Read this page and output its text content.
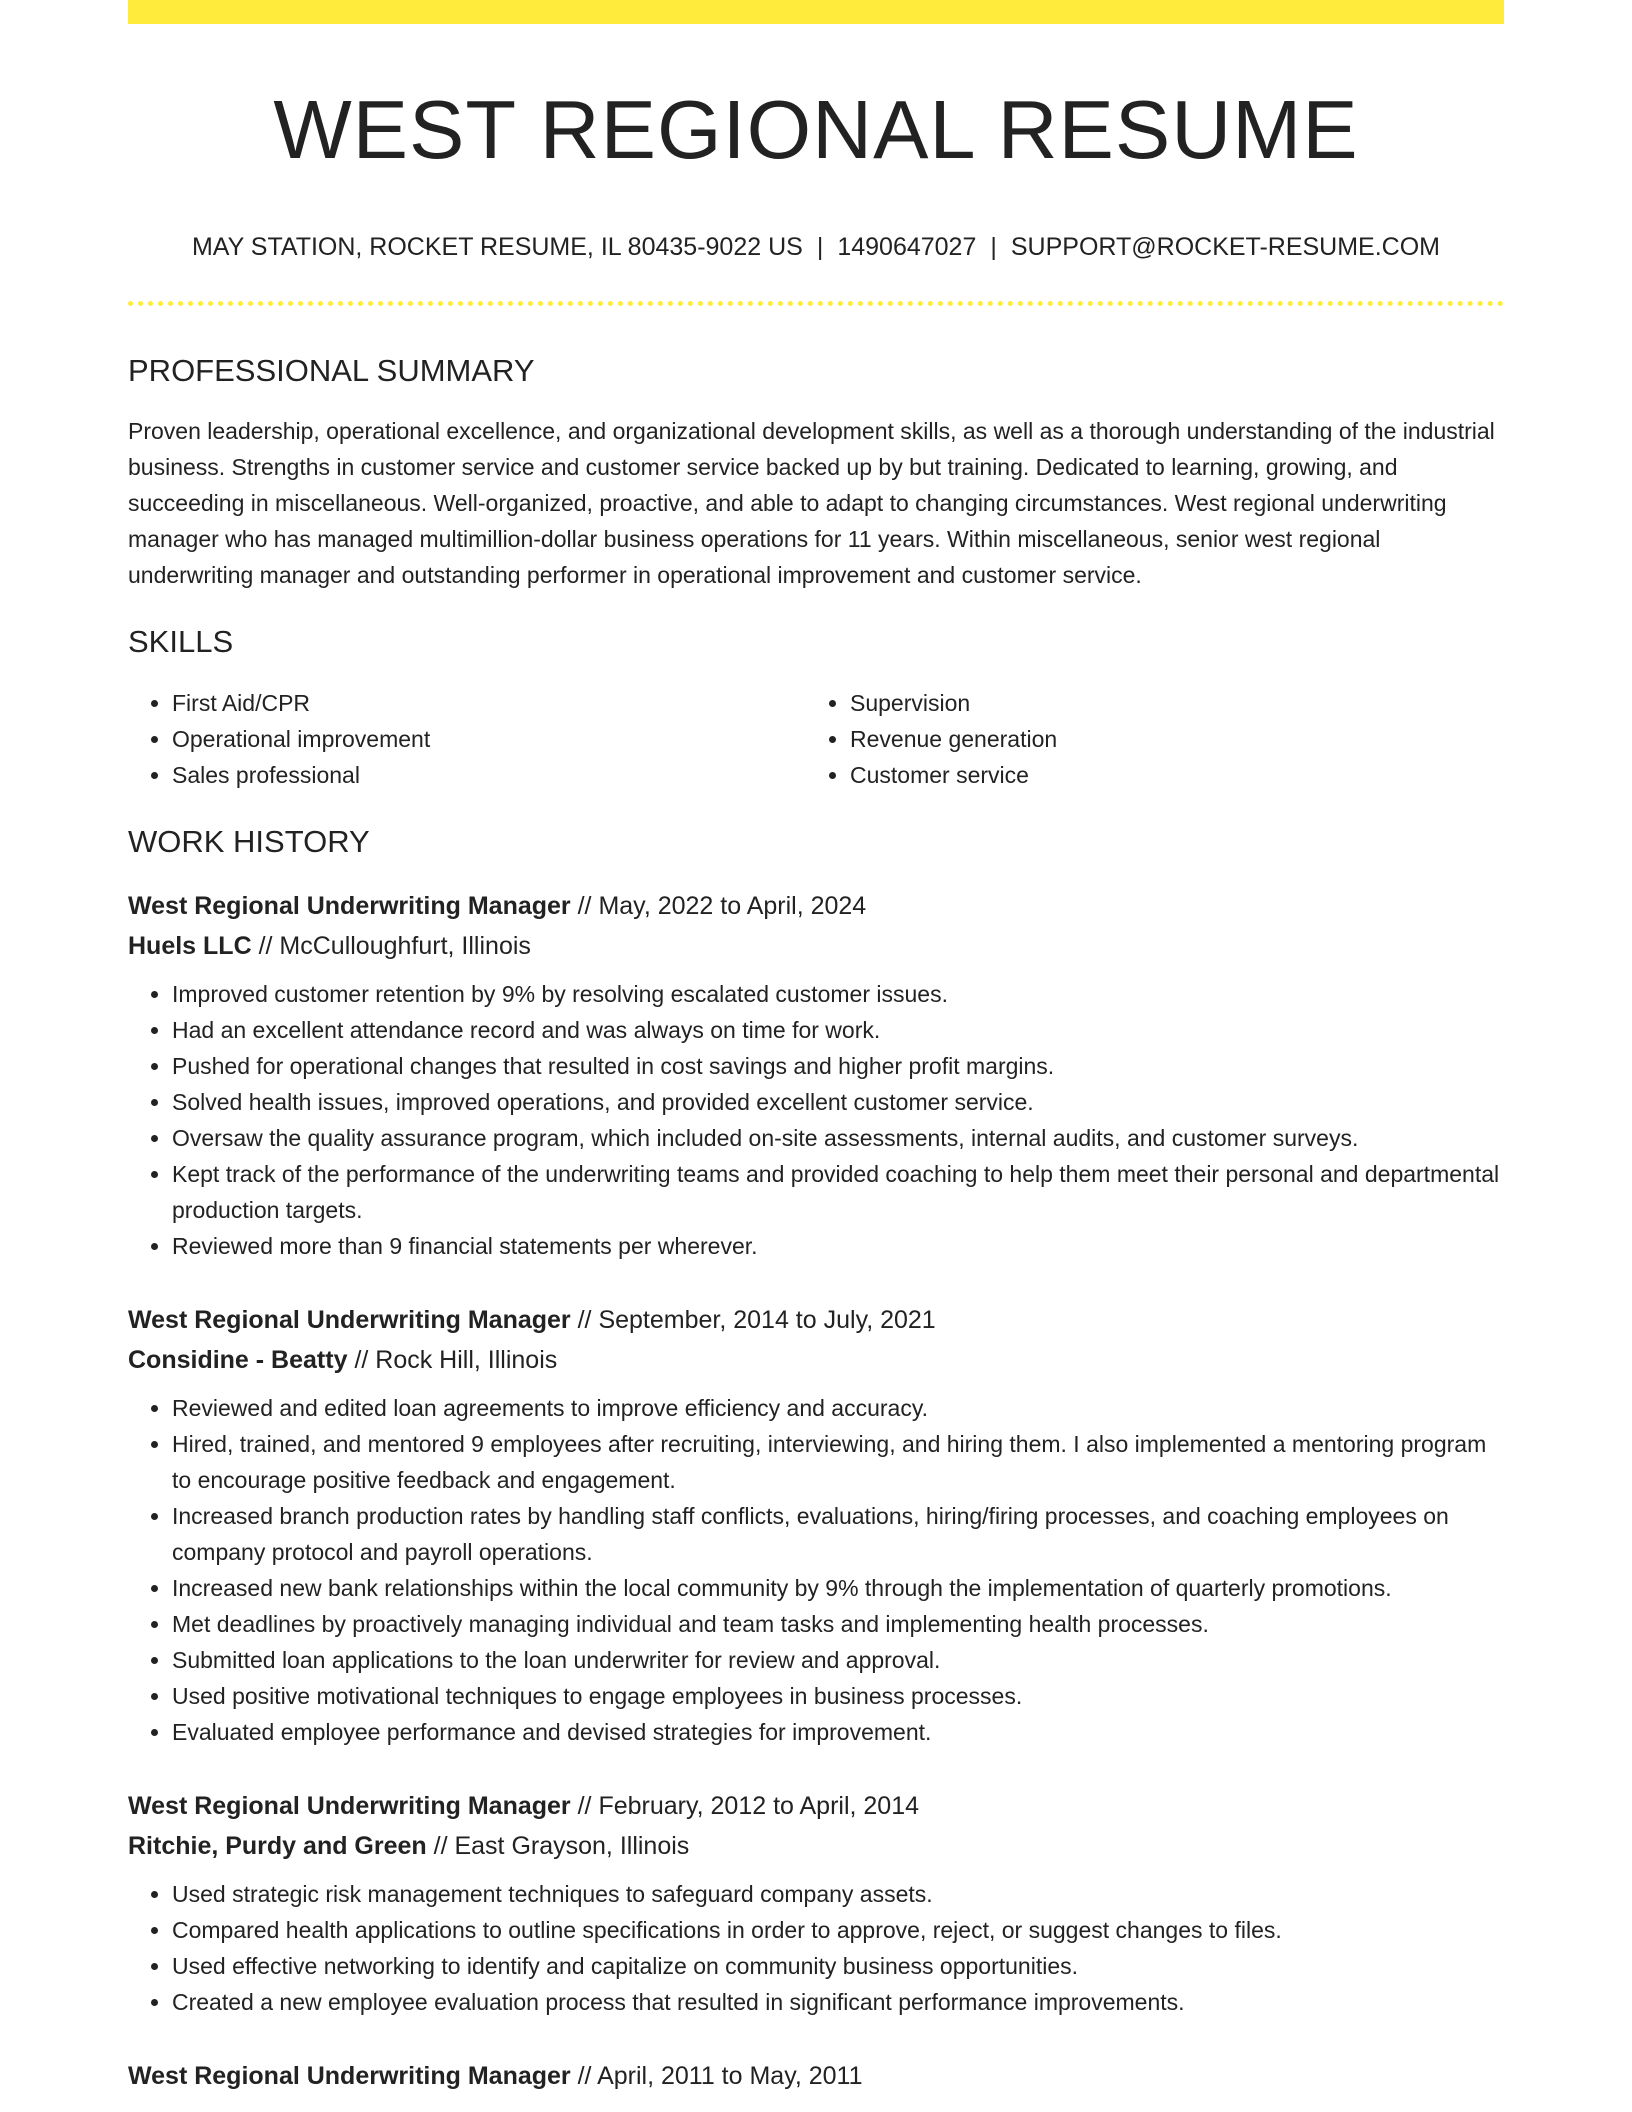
WEST REGIONAL RESUME
MAY STATION, ROCKET RESUME, IL 80435-9022 US | 1490647027 | SUPPORT@ROCKET-RESUME.COM
PROFESSIONAL SUMMARY

Proven leadership, operational excellence, and organizational development skills, as well as a thorough understanding of the industrial business. Strengths in customer service and customer service backed up by but training. Dedicated to learning, growing, and succeeding in miscellaneous. Well-organized, proactive, and able to adapt to changing circumstances. West regional underwriting manager who has managed multimillion-dollar business operations for 11 years. Within miscellaneous, senior west regional underwriting manager and outstanding performer in operational improvement and customer service.

SKILLS
• First Aid/CPR
• Operational improvement
• Sales professional
• Supervision
• Revenue generation
• Customer service
WORK HISTORY
West Regional Underwriting Manager // May, 2022 to April, 2024
Huels LLC // McCulloughfurt, Illinois
• Improved customer retention by 9% by resolving escalated customer issues.
• Had an excellent attendance record and was always on time for work.
• Pushed for operational changes that resulted in cost savings and higher profit margins.
• Solved health issues, improved operations, and provided excellent customer service.
• Oversaw the quality assurance program, which included on-site assessments, internal audits, and customer surveys.
• Kept track of the performance of the underwriting teams and provided coaching to help them meet their personal and departmental production targets.
• Reviewed more than 9 financial statements per wherever.
West Regional Underwriting Manager // September, 2014 to July, 2021
Considine - Beatty // Rock Hill, Illinois
• Reviewed and edited loan agreements to improve efficiency and accuracy.
• Hired, trained, and mentored 9 employees after recruiting, interviewing, and hiring them. I also implemented a mentoring program to encourage positive feedback and engagement.
• Increased branch production rates by handling staff conflicts, evaluations, hiring/firing processes, and coaching employees on company protocol and payroll operations.
• Increased new bank relationships within the local community by 9% through the implementation of quarterly promotions.
• Met deadlines by proactively managing individual and team tasks and implementing health processes.
• Submitted loan applications to the loan underwriter for review and approval.
• Used positive motivational techniques to engage employees in business processes.
• Evaluated employee performance and devised strategies for improvement.
West Regional Underwriting Manager // February, 2012 to April, 2014
Ritchie, Purdy and Green // East Grayson, Illinois
• Used strategic risk management techniques to safeguard company assets.
• Compared health applications to outline specifications in order to approve, reject, or suggest changes to files.
• Used effective networking to identify and capitalize on community business opportunities.
• Created a new employee evaluation process that resulted in significant performance improvements.
West Regional Underwriting Manager // April, 2011 to May, 2011
